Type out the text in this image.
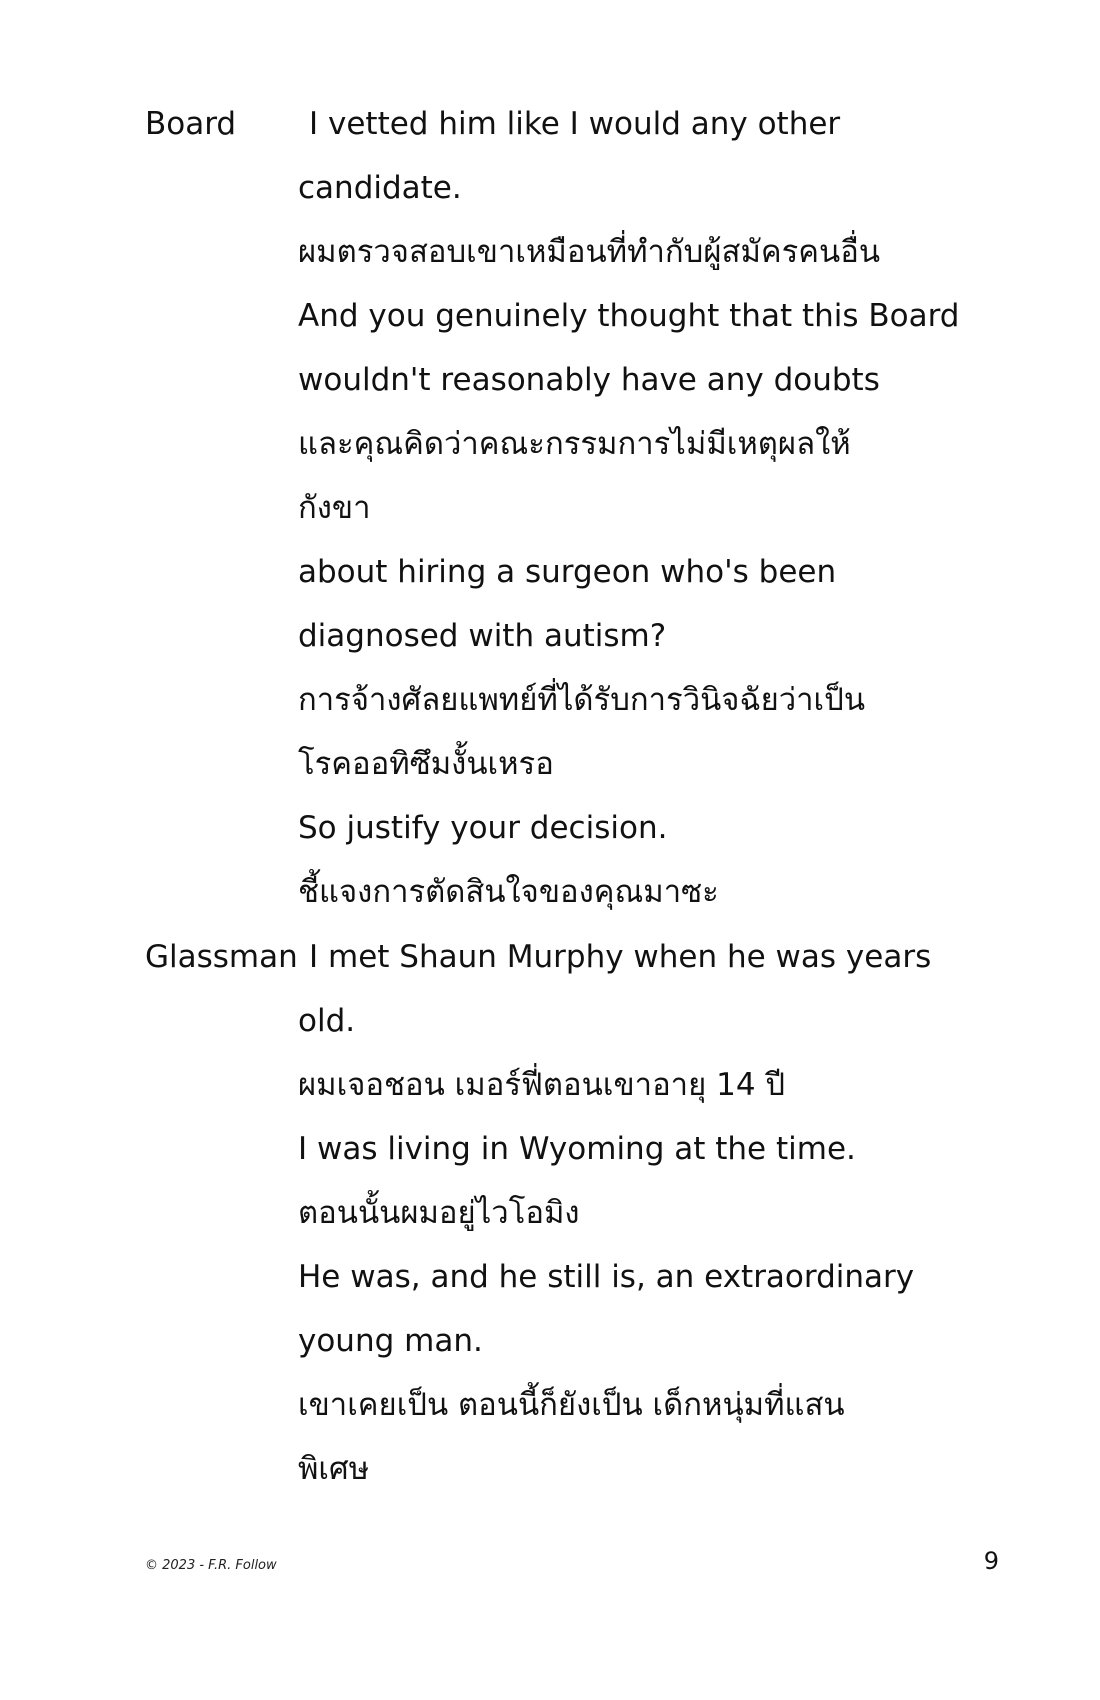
Board I vetted him like I would any other
candidate.
ผมตรวจสอบเขาเหมือนที่ทำกับผู้สมัครคนอื่น
And you genuinely thought that this Board
wouldn't reasonably have any doubts
และคุณคิดว่าคณะกรรมการไม่มีเหตุผลให้
กังขา
about hiring a surgeon who's been
diagnosed with autism?
การจ้างศัลยแพทย์ที่ได้รับการวินิจฉัยว่าเป็น
โรคออทิซึมงั้นเหรอ
So justify your decision.
ชี้แจงการตัดสินใจของคุณมาซะ
Glassman I met Shaun Murphy when he was years
old.
ผมเจอชอน เมอร์ฟี่ตอนเขาอายุ 14 ปี
I was living in Wyoming at the time.
ตอนนั้นผมอยู่ไวโอมิง
He was, and he still is, an extraordinary
young man.
เขาเคยเป็น ตอนนี้ก็ยังเป็น เด็กหนุ่มที่แสน
พิเศษ
© 2023 - F.R. Follow	9
